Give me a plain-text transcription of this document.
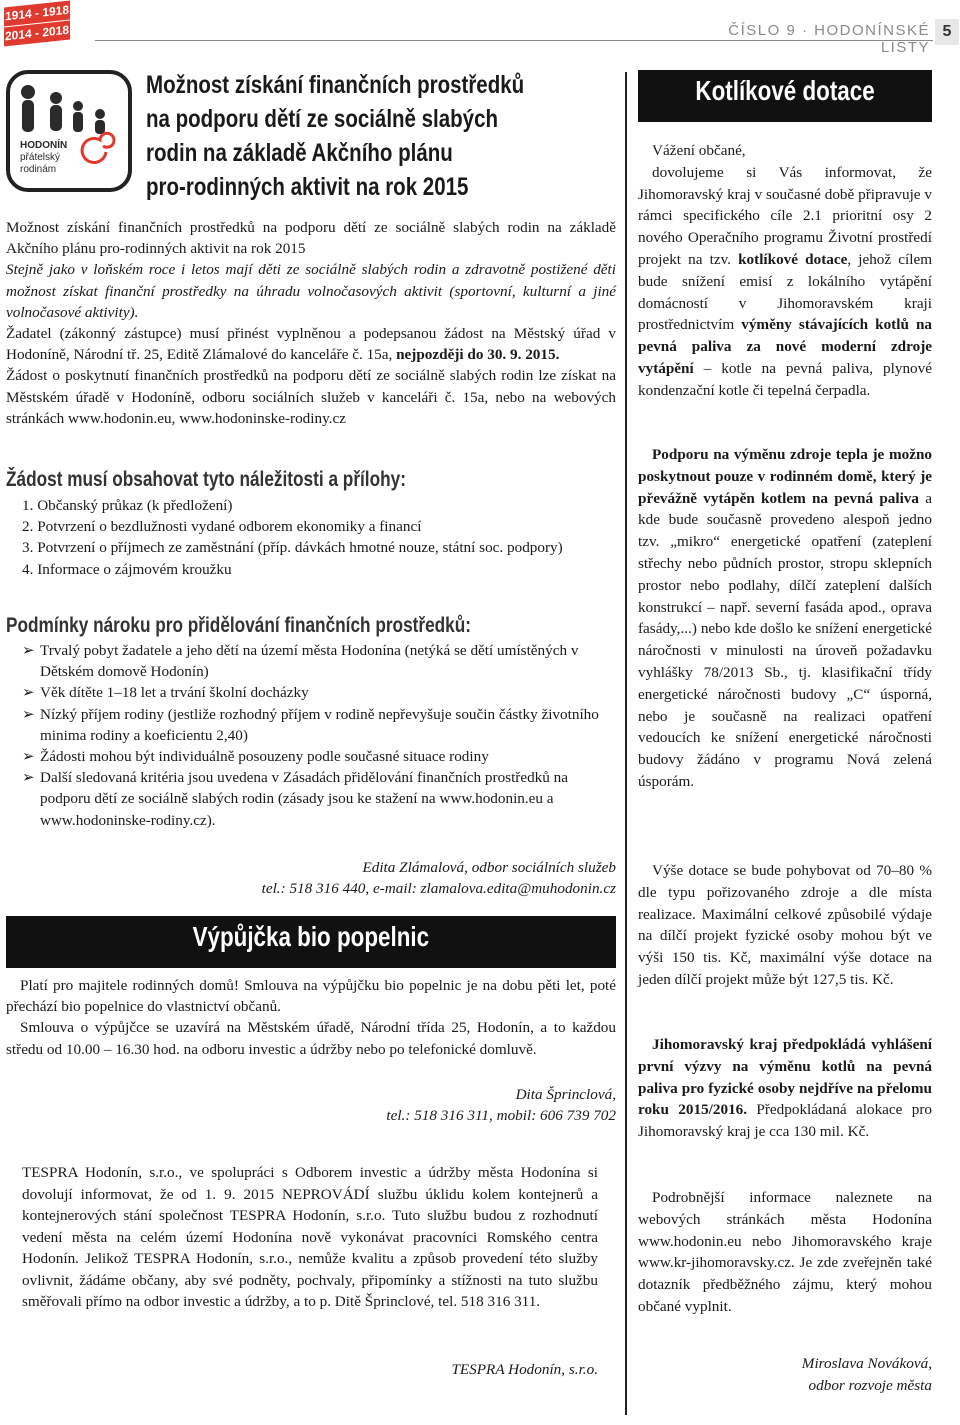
1914 - 1918
2014 - 2018	ČÍSLO 9 · HODONÍNSKÉ LISTY
5
HODONÍN
přátelský
rodinám
Možnost získání finančních prostředků
na podporu dětí ze sociálně slabých
rodin na základě Akčního plánu
pro-rodinných aktivit na rok 2015
Možnost získání finančních prostředků na podporu dětí ze sociálně slabých rodin na základě Akčního plánu pro-rodinných aktivit na rok 2015
Stejně jako v loňském roce i letos mají děti ze sociálně slabých rodin a zdravotně postižené děti možnost získat finanční prostředky na úhradu volnočasových aktivit (sportovní, kulturní a jiné volnočasové aktivity).
Žadatel (zákonný zástupce) musí přinést vyplněnou a podepsanou žádost na Městský úřad v Hodoníně, Národní tř. 25, Editě Zlámalové do kanceláře č. 15a, nejpozději do 30. 9. 2015.
Žádost o poskytnutí finančních prostředků na podporu dětí ze sociálně slabých rodin lze získat na Městském úřadě v Hodoníně, odboru sociálních služeb v kanceláři č. 15a, nebo na webových stránkách www.hodonin.eu, www.hodoninske-rodiny.cz
Žádost musí obsahovat tyto náležitosti a přílohy:
1. Občanský průkaz (k předložení)
2. Potvrzení o bezdlužnosti vydané odborem ekonomiky a financí
3. Potvrzení o příjmech ze zaměstnání (příp. dávkách hmotné nouze, státní soc. podpory)
4. Informace o zájmovém kroužku
Podmínky nároku pro přidělování finančních prostředků:
➢ Trvalý pobyt žadatele a jeho dětí na území města Hodonína (netýká se dětí umístěných v Dětském domově Hodonín)
➢ Věk dítěte 1–18 let a trvání školní docházky
➢ Nízký příjem rodiny (jestliže rozhodný příjem v rodině nepřevyšuje součin částky životního minima rodiny a koeficientu 2,40)
➢ Žádosti mohou být individuálně posouzeny podle současné situace rodiny
➢ Další sledovaná kritéria jsou uvedena v Zásadách přidělování finančních prostředků na podporu dětí ze sociálně slabých rodin (zásady jsou ke stažení na www.hodonin.eu a www.hodoninske-rodiny.cz).
Edita Zlámalová, odbor sociálních služeb
tel.: 518 316 440, e-mail: zlamalova.edita@muhodonin.cz
Výpůjčka bio popelnic
Platí pro majitele rodinných domů! Smlouva na výpůjčku bio popelnic je na dobu pěti let, poté přechází bio popelnice do vlastnictví občanů.
Smlouva o výpůjčce se uzavírá na Městském úřadě, Národní třída 25, Hodonín, a to každou středu od 10.00 – 16.30 hod. na odboru investic a údržby nebo po telefonické domluvě.
Dita Šprinclová,
tel.: 518 316 311, mobil: 606 739 702
TESPRA Hodonín, s.r.o., ve spolupráci s Odborem investic a údržby města Hodonína si dovolují informovat, že od 1. 9. 2015 NEPROVÁDÍ službu úklidu kolem kontejnerů a kontejnerových stání společnost TESPRA Hodonín, s.r.o. Tuto službu budou z rozhodnutí vedení města na celém území Hodonína nově vykonávat pracovníci Romského centra Hodonín. Jelikož TESPRA Hodonín, s.r.o., nemůže kvalitu a způsob provedení této služby ovlivnit, žádáme občany, aby své podněty, pochvaly, připomínky a stížnosti na tuto službu směřovali přímo na odbor investic a údržby, a to p. Ditě Šprinclové, tel. 518 316 311.
TESPRA Hodonín, s.r.o.
Kotlíkové dotace
Vážení občané,
dovolujeme si Vás informovat, že Jihomoravský kraj v současné době připravuje v rámci specifického cíle 2.1 prioritní osy 2 nového Operačního programu Životní prostředí projekt na tzv. kotlíkové dotace, jehož cílem bude snížení emisí z lokálního vytápění domácností v Jihomoravském kraji prostřednictvím výměny stávajících kotlů na pevná paliva za nové moderní zdroje vytápění – kotle na pevná paliva, plynové kondenzační kotle či tepelná čerpadla.
Podporu na výměnu zdroje tepla je možno poskytnout pouze v rodinném domě, který je převážně vytápěn kotlem na pevná paliva a kde bude současně provedeno alespoň jedno tzv. „mikro“ energetické opatření (zateplení střechy nebo půdních prostor, stropu sklepních prostor nebo podlahy, dílčí zateplení dalších konstrukcí – např. severní fasáda apod., oprava fasády,...) nebo kde došlo ke snížení energetické náročnosti v minulosti na úroveň požadavku vyhlášky 78/2013 Sb., tj. klasifikační třídy energetické náročnosti budovy „C“ úsporná, nebo je současně na realizaci opatření vedoucích ke snížení energetické náročnosti budovy žádáno v programu Nová zelená úsporám.
Výše dotace se bude pohybovat od 70–80 % dle typu pořizovaného zdroje a dle místa realizace. Maximální celkové způsobilé výdaje na dílčí projekt fyzické osoby mohou být ve výši 150 tis. Kč, maximální výše dotace na jeden dílčí projekt může být 127,5 tis. Kč.
Jihomoravský kraj předpokládá vyhlášení první výzvy na výměnu kotlů na pevná paliva pro fyzické osoby nejdříve na přelomu roku 2015/2016. Předpokládaná alokace pro Jihomoravský kraj je cca 130 mil. Kč.
Podrobnější informace naleznete na webových stránkách města Hodonína www.hodonin.eu nebo Jihomoravského kraje www.kr-jihomoravsky.cz. Je zde zveřejněn také dotazník předběžného zájmu, který mohou občané vyplnit.
Miroslava Nováková,
odbor rozvoje města
